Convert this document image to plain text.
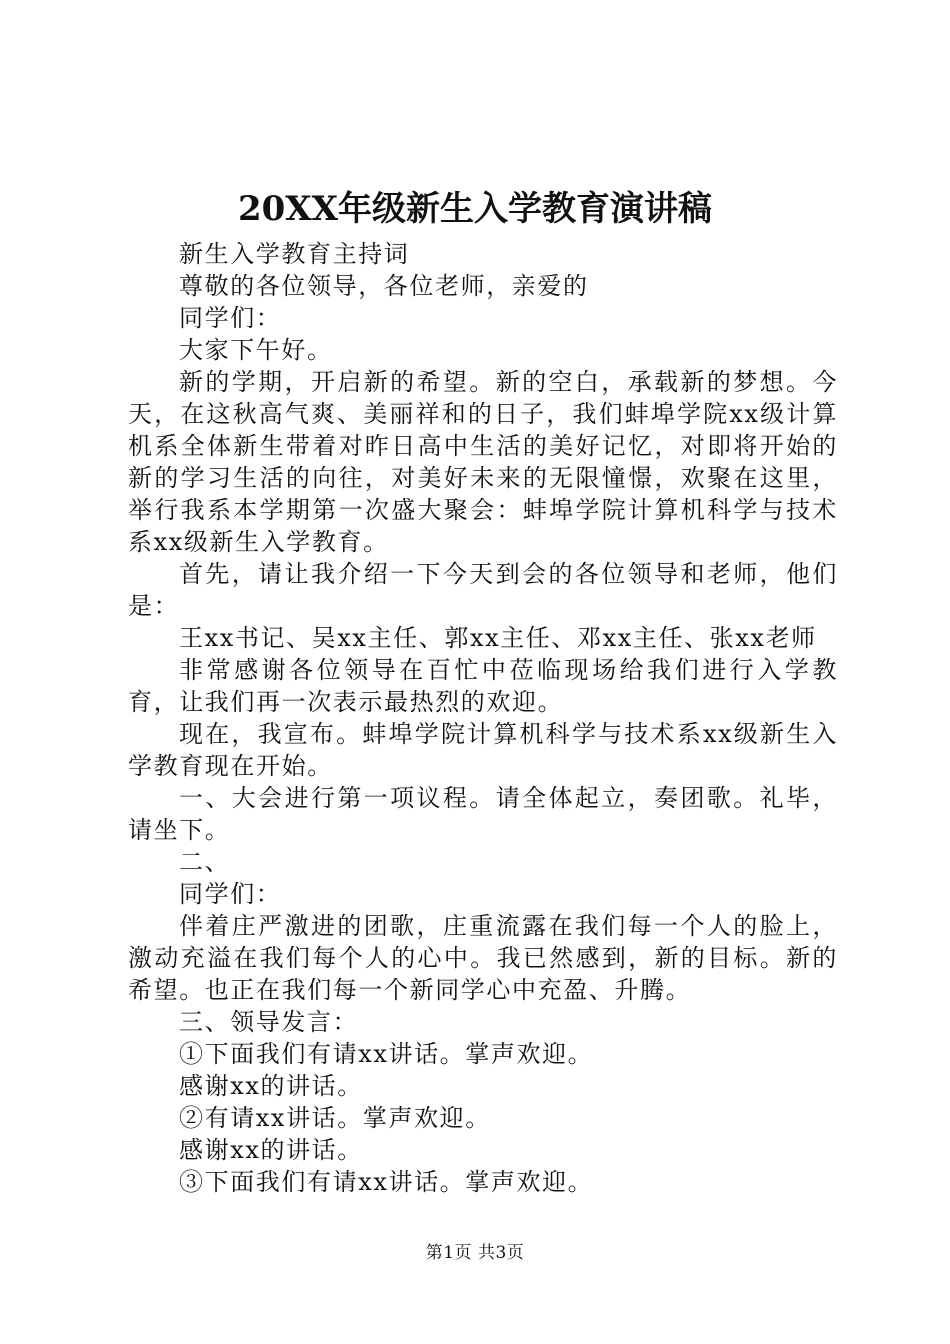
20XX年级新生入学教育演讲稿

新生入学教育主持词

尊敬的各位领导，各位老师，亲爱的

同学们：

大家下午好。

新的学期，开启新的希望。新的空白，承载新的梦想。今天，在这秋高气爽、美丽祥和的日子，我们蚌埠学院xx级计算机系全体新生带着对昨日高中生活的美好记忆，对即将开始的新的学习生活的向往，对美好未来的无限憧憬，欢聚在这里，举行我系本学期第一次盛大聚会：蚌埠学院计算机科学与技术系xx级新生入学教育。

首先，请让我介绍一下今天到会的各位领导和老师，他们是：

王xx书记、吴xx主任、郭xx主任、邓xx主任、张xx老师

非常感谢各位领导在百忙中莅临现场给我们进行入学教育，让我们再一次表示最热烈的欢迎。

现在，我宣布。蚌埠学院计算机科学与技术系xx级新生入学教育现在开始。

一、大会进行第一项议程。请全体起立，奏团歌。礼毕，请坐下。

二、

同学们：

伴着庄严激进的团歌，庄重流露在我们每一个人的脸上，激动充溢在我们每个人的心中。我已然感到，新的目标。新的希望。也正在我们每一个新同学心中充盈、升腾。

三、领导发言：

①下面我们有请xx讲话。掌声欢迎。

感谢xx的讲话。

②有请xx讲话。掌声欢迎。

感谢xx的讲话。

③下面我们有请xx讲话。掌声欢迎。

第1页 共3页
